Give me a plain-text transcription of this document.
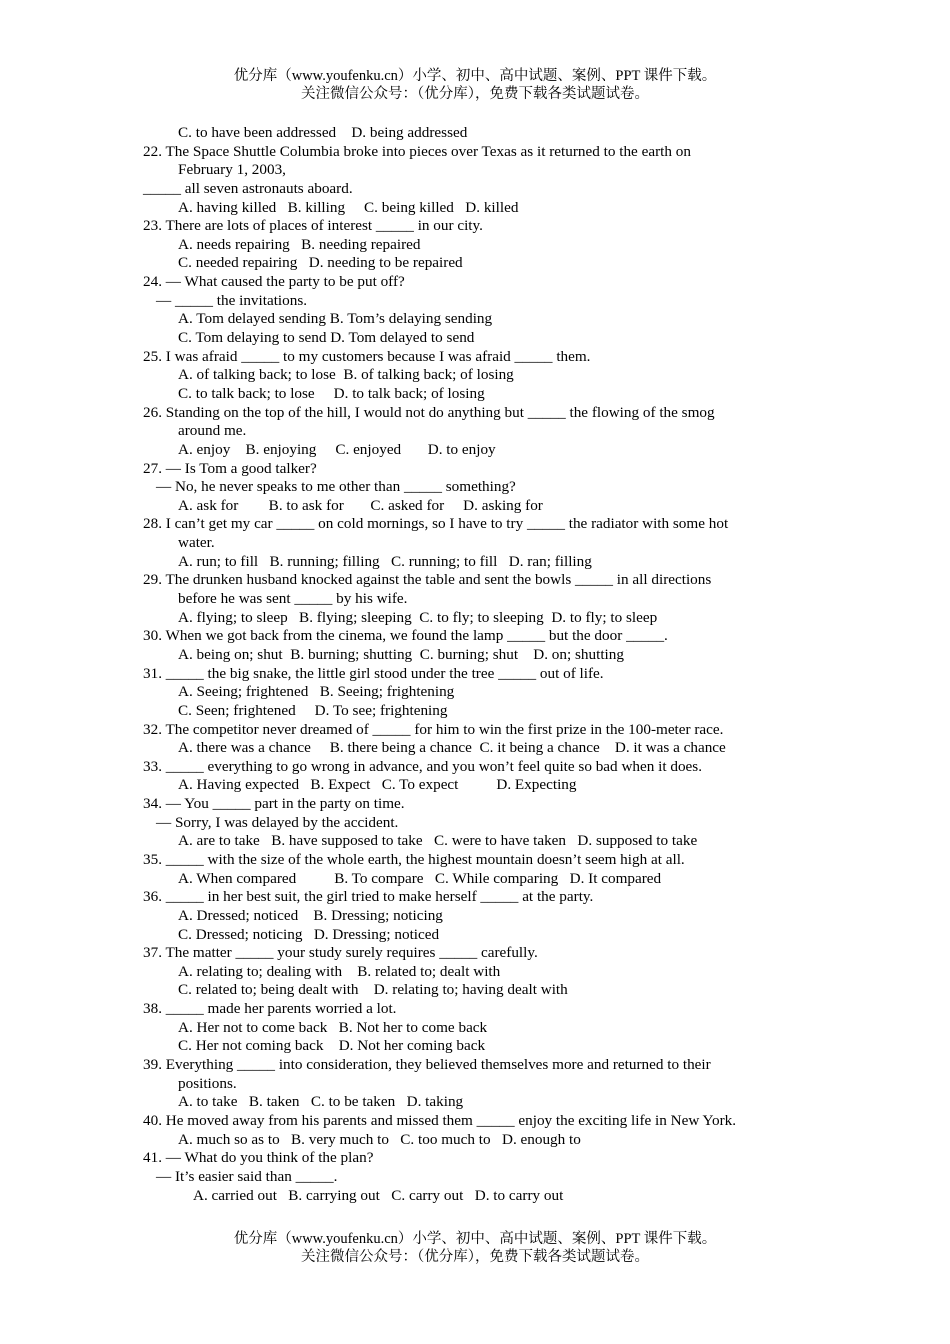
优分库（www.youfenku.cn）小学、初中、高中试题、案例、PPT 课件下载。
关注微信公众号：（优分库），免费下载各类试题试卷。
C. to have been addressed    D. being addressed
22. The Space Shuttle Columbia broke into pieces over Texas as it returned to the earth on
February 1, 2003,
_____ all seven astronauts aboard.
A. having killed   B. killing     C. being killed   D. killed
23. There are lots of places of interest _____ in our city.
A. needs repairing   B. needing repaired
C. needed repairing   D. needing to be repaired
24. — What caused the party to be put off?
— _____ the invitations.
A. Tom delayed sending B. Tom’s delaying sending
C. Tom delaying to send D. Tom delayed to send
25. I was afraid _____ to my customers because I was afraid _____ them.
A. of talking back; to lose  B. of talking back; of losing
C. to talk back; to lose     D. to talk back; of losing
26. Standing on the top of the hill, I would not do anything but _____ the flowing of the smog
around me.
A. enjoy    B. enjoying     C. enjoyed       D. to enjoy
27. — Is Tom a good talker?
— No, he never speaks to me other than _____ something?
A. ask for        B. to ask for       C. asked for     D. asking for
28. I can’t get my car _____ on cold mornings, so I have to try _____ the radiator with some hot
water.
A. run; to fill   B. running; filling   C. running; to fill   D. ran; filling
29. The drunken husband knocked against the table and sent the bowls _____ in all directions
before he was sent _____ by his wife.
A. flying; to sleep   B. flying; sleeping  C. to fly; to sleeping  D. to fly; to sleep
30. When we got back from the cinema, we found the lamp _____ but the door _____.
A. being on; shut  B. burning; shutting  C. burning; shut    D. on; shutting
31. _____ the big snake, the little girl stood under the tree _____ out of life.
A. Seeing; frightened   B. Seeing; frightening
C. Seen; frightened     D. To see; frightening
32. The competitor never dreamed of _____ for him to win the first prize in the 100-meter race.
A. there was a chance     B. there being a chance  C. it being a chance    D. it was a chance
33. _____ everything to go wrong in advance, and you won’t feel quite so bad when it does.
A. Having expected   B. Expect   C. To expect          D. Expecting
34. — You _____ part in the party on time.
— Sorry, I was delayed by the accident.
A. are to take   B. have supposed to take   C. were to have taken   D. supposed to take
35. _____ with the size of the whole earth, the highest mountain doesn’t seem high at all.
A. When compared          B. To compare   C. While comparing   D. It compared
36. _____ in her best suit, the girl tried to make herself _____ at the party.
A. Dressed; noticed    B. Dressing; noticing
C. Dressed; noticing   D. Dressing; noticed
37. The matter _____ your study surely requires _____ carefully.
A. relating to; dealing with    B. related to; dealt with
C. related to; being dealt with    D. relating to; having dealt with
38. _____ made her parents worried a lot.
A. Her not to come back   B. Not her to come back
C. Her not coming back    D. Not her coming back
39. Everything _____ into consideration, they believed themselves more and returned to their
positions.
A. to take   B. taken   C. to be taken   D. taking
40. He moved away from his parents and missed them _____ enjoy the exciting life in New York.
A. much so as to   B. very much to   C. too much to   D. enough to
41. — What do you think of the plan?
— It’s easier said than _____.
A. carried out   B. carrying out   C. carry out   D. to carry out
优分库（www.youfenku.cn）小学、初中、高中试题、案例、PPT 课件下载。
关注微信公众号：（优分库），免费下载各类试题试卷。
